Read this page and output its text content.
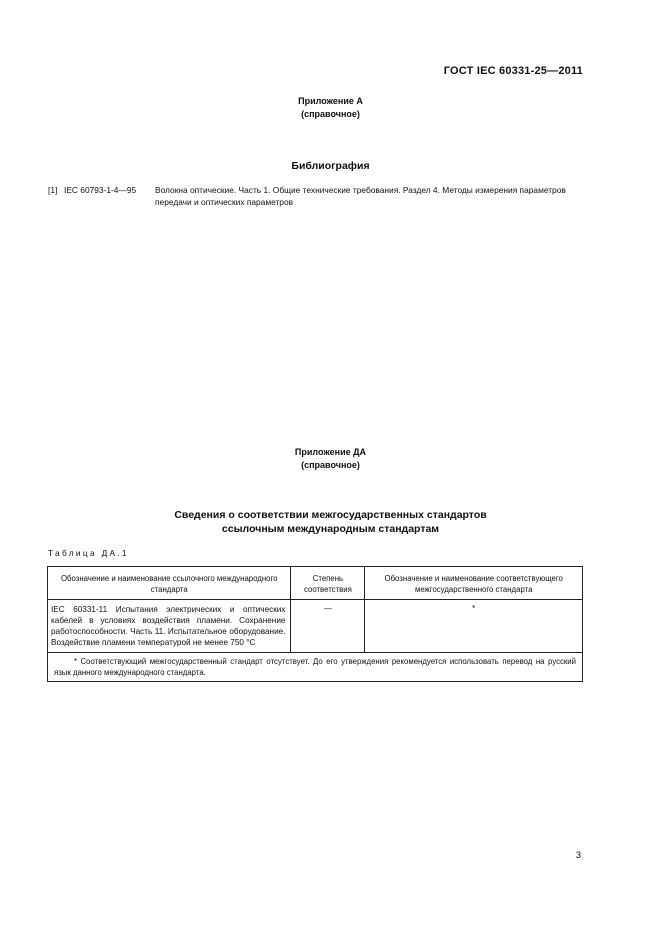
ГОСТ IEC 60331-25—2011
Приложение А
(справочное)
Библиография
[1] IEC 60793-1-4—95 Волокна оптические. Часть 1. Общие технические требования. Раздел 4. Методы измерения параметров передачи и оптических параметров
Приложение ДА
(справочное)
Сведения о соответствии межгосударственных стандартов
ссылочным международным стандартам
Таблица ДА.1
Обозначение и наименование ссылочного международного стандарта	Степень соответствия	Обозначение и наименование соответствующего межгосударственного стандарта
IEC 60331-11 Испытания электрических и оптических кабелей в условиях воздействия пламени. Сохранение работоспособности. Часть 11. Испытательное оборудование. Воздействие пламени температурой не менее 750 °С	—	*
* Соответствующий межгосударственный стандарт отсутствует. До его утверждения рекомендуется использовать перевод на русский язык данного международного стандарта.		
3
